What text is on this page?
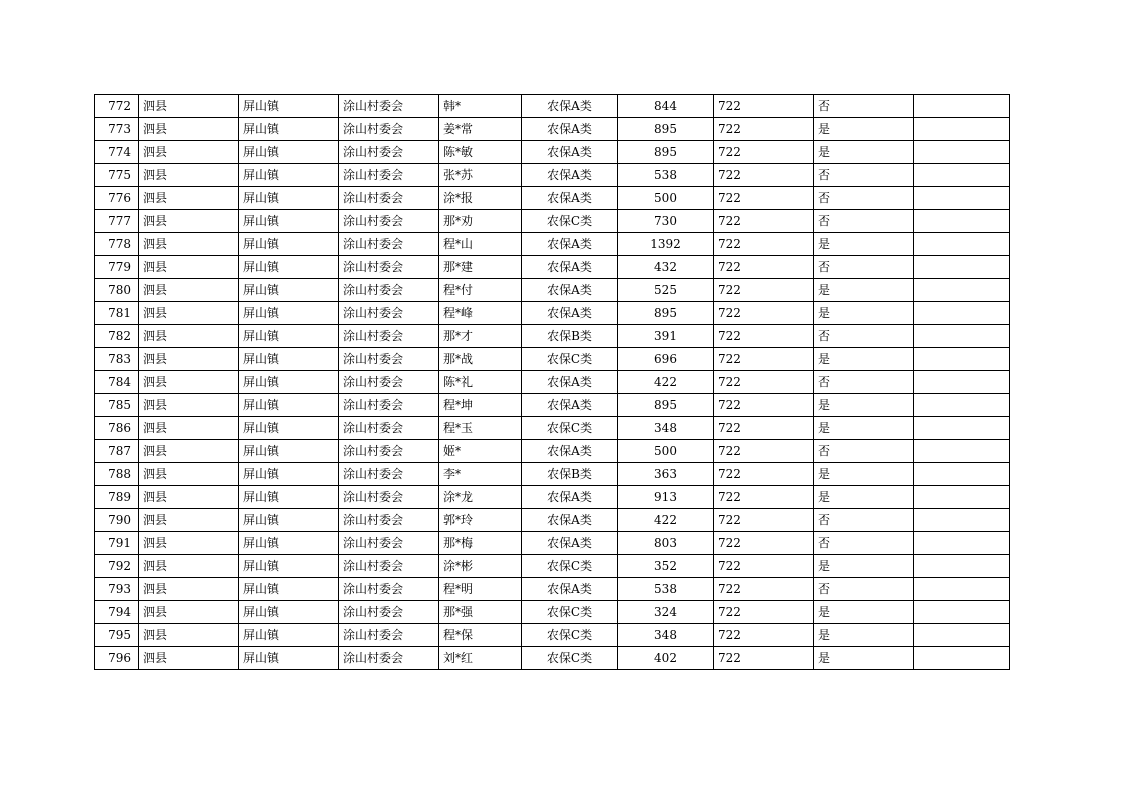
772	泗县	屏山镇	涂山村委会	韩*	农保A类	844	722	否	
773	泗县	屏山镇	涂山村委会	姜*常	农保A类	895	722	是	
774	泗县	屏山镇	涂山村委会	陈*敏	农保A类	895	722	是	
775	泗县	屏山镇	涂山村委会	张*苏	农保A类	538	722	否	
776	泗县	屏山镇	涂山村委会	涂*报	农保A类	500	722	否	
777	泗县	屏山镇	涂山村委会	那*劝	农保C类	730	722	否	
778	泗县	屏山镇	涂山村委会	程*山	农保A类	1392	722	是	
779	泗县	屏山镇	涂山村委会	那*建	农保A类	432	722	否	
780	泗县	屏山镇	涂山村委会	程*付	农保A类	525	722	是	
781	泗县	屏山镇	涂山村委会	程*峰	农保A类	895	722	是	
782	泗县	屏山镇	涂山村委会	那*才	农保B类	391	722	否	
783	泗县	屏山镇	涂山村委会	那*战	农保C类	696	722	是	
784	泗县	屏山镇	涂山村委会	陈*礼	农保A类	422	722	否	
785	泗县	屏山镇	涂山村委会	程*坤	农保A类	895	722	是	
786	泗县	屏山镇	涂山村委会	程*玉	农保C类	348	722	是	
787	泗县	屏山镇	涂山村委会	姬*	农保A类	500	722	否	
788	泗县	屏山镇	涂山村委会	李*	农保B类	363	722	是	
789	泗县	屏山镇	涂山村委会	涂*龙	农保A类	913	722	是	
790	泗县	屏山镇	涂山村委会	郭*玲	农保A类	422	722	否	
791	泗县	屏山镇	涂山村委会	那*梅	农保A类	803	722	否	
792	泗县	屏山镇	涂山村委会	涂*彬	农保C类	352	722	是	
793	泗县	屏山镇	涂山村委会	程*明	农保A类	538	722	否	
794	泗县	屏山镇	涂山村委会	那*强	农保C类	324	722	是	
795	泗县	屏山镇	涂山村委会	程*保	农保C类	348	722	是	
796	泗县	屏山镇	涂山村委会	刘*红	农保C类	402	722	是	
